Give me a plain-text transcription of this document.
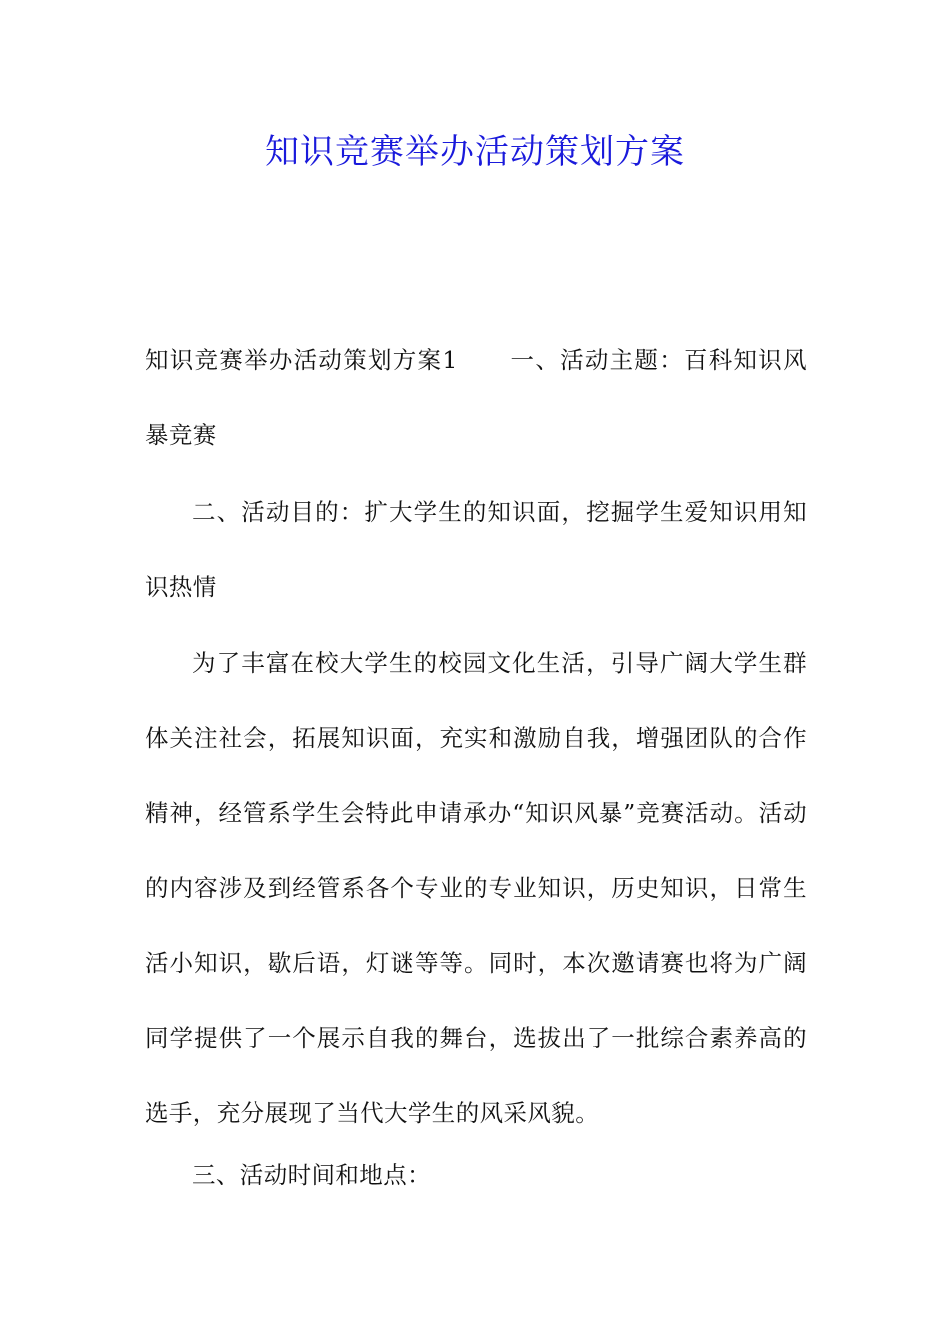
知识竞赛举办活动策划方案

知识竞赛举办活动策划方案1 一、活动主题：百科知识风暴竞赛

二、活动目的：扩大学生的知识面，挖掘学生爱知识用知识热情

为了丰富在校大学生的校园文化生活，引导广阔大学生群体关注社会，拓展知识面，充实和激励自我，增强团队的合作精神，经管系学生会特此申请承办“知识风暴”竞赛活动。活动的内容涉及到经管系各个专业的专业知识，历史知识，日常生活小知识，歇后语，灯谜等等。同时，本次邀请赛也将为广阔同学提供了一个展示自我的舞台，选拔出了一批综合素养高的选手，充分展现了当代大学生的风采风貌。

三、活动时间和地点：
